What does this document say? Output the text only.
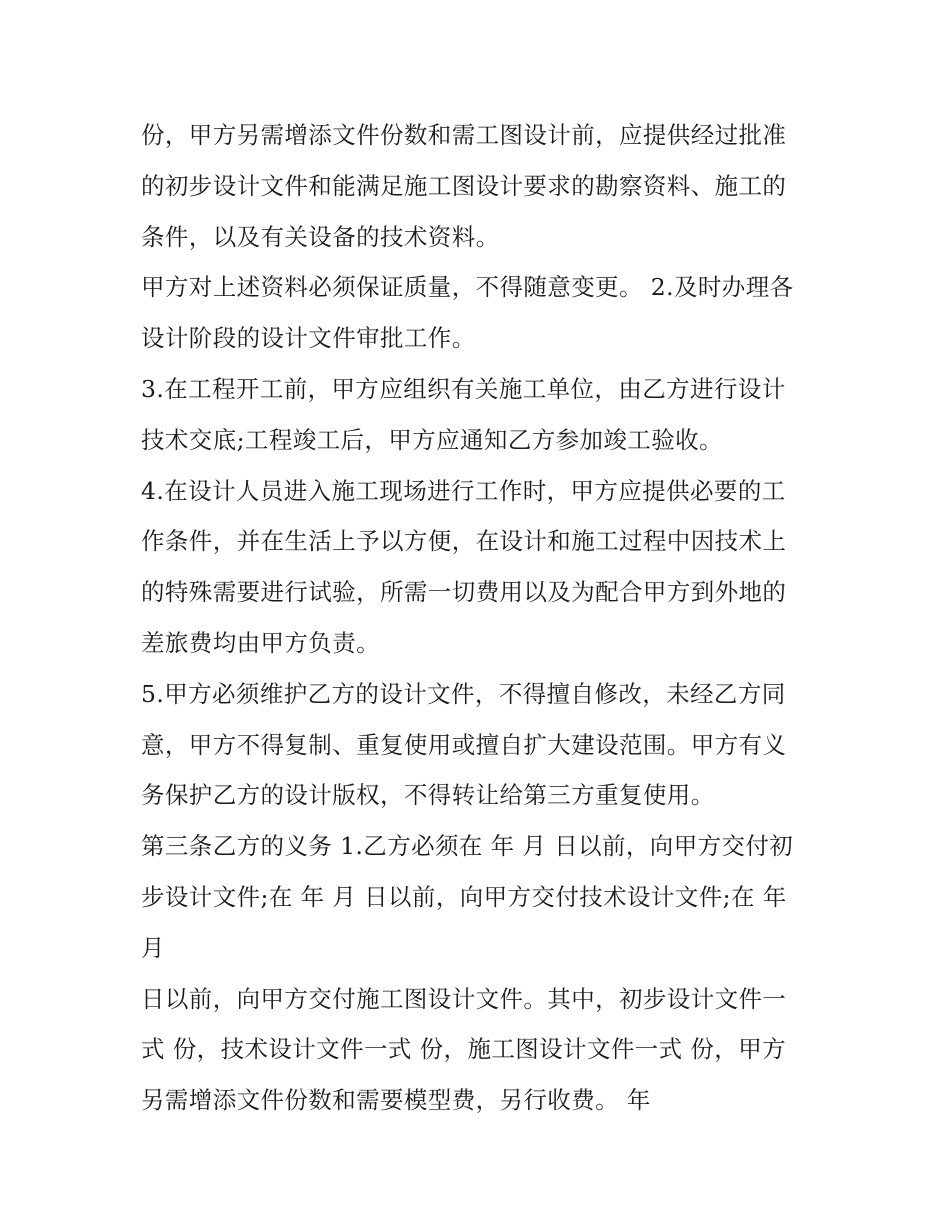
份，甲方另需增添文件份数和需工图设计前，应提供经过批准
的初步设计文件和能满足施工图设计要求的勘察资料、施工的
条件，以及有关设备的技术资料。
甲方对上述资料必须保证质量，不得随意变更。 2.及时办理各
设计阶段的设计文件审批工作。
3.在工程开工前，甲方应组织有关施工单位，由乙方进行设计
技术交底;工程竣工后，甲方应通知乙方参加竣工验收。
4.在设计人员进入施工现场进行工作时，甲方应提供必要的工
作条件，并在生活上予以方便，在设计和施工过程中因技术上
的特殊需要进行试验，所需一切费用以及为配合甲方到外地的
差旅费均由甲方负责。
5.甲方必须维护乙方的设计文件，不得擅自修改，未经乙方同
意，甲方不得复制、重复使用或擅自扩大建设范围。甲方有义
务保护乙方的设计版权，不得转让给第三方重复使用。
第三条乙方的义务 1.乙方必须在 年 月 日以前，向甲方交付初
步设计文件;在 年 月 日以前，向甲方交付技术设计文件;在 年
月
日以前，向甲方交付施工图设计文件。其中，初步设计文件一
式 份，技术设计文件一式 份，施工图设计文件一式 份，甲方
另需增添文件份数和需要模型费，另行收费。 年
